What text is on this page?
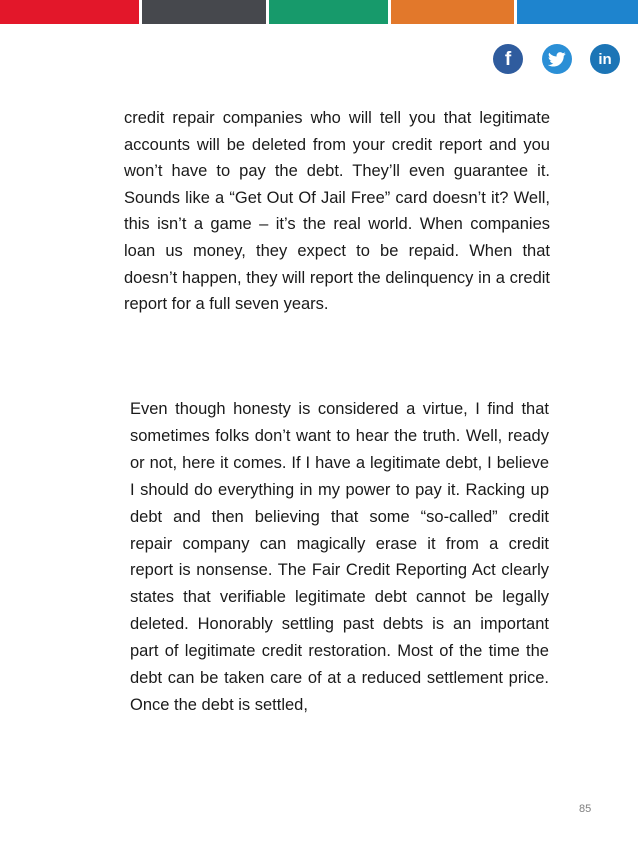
f	in

credit repair companies who will tell you that legitimate accounts will be deleted from your credit report and you won’t have to pay the debt. They’ll even guarantee it. Sounds like a “Get Out Of Jail Free” card doesn’t it? Well, this isn’t a game – it’s the real world. When companies loan us money, they expect to be repaid. When that doesn’t happen, they will report the delinquency in a credit report for a full seven years.

Even though honesty is considered a virtue, I find that sometimes folks don’t want to hear the truth. Well, ready or not, here it comes. If I have a legitimate debt, I believe I should do everything in my power to pay it. Racking up debt and then believing that some “so-called” credit repair company can magically erase it from a credit report is nonsense. The Fair Credit Reporting Act clearly states that verifiable legitimate debt cannot be legally deleted. Honorably settling past debts is an important part of legitimate credit restoration. Most of the time the debt can be taken care of at a reduced settlement price. Once the debt is settled,

85
